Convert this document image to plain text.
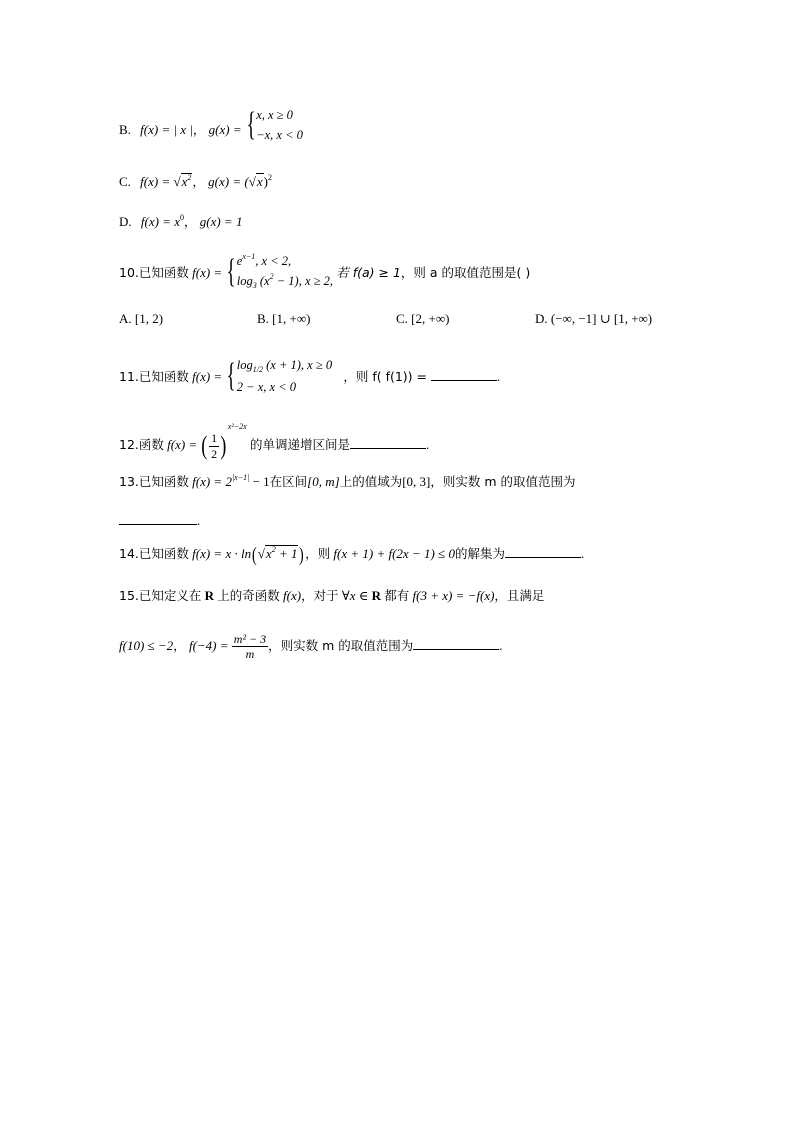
B. f(x) = | x |， g(x) = { x, x ≥ 0
−x, x < 0
C. $f(x) = √x^2$， $g(x) = (√x)^2$
D. $f(x) = x^0$， g(x) = 1
10.已知函数 f(x) = { $e^{x-1}$, x < 2,
$\log_3 (x^2 - 1)$, x ≥ 2,
若 f(a) ≥ 1，则 a 的取值范围是( )
A. [1, 2)	B. [1, +∞)	C. [2, +∞)	D. (−∞, −1] ∪ [1, +∞)
11.已知函数 f(x) = { $\log_{1/2} (x + 1)$, x ≥ 0
2 − x, x < 0
，则 f( f(1)) =	.
12.函数 f(x) = ( $\frac{1}{2} )^{x^2-2x}$ 的单调递增区间是	.
13.已知函数 $f(x) = 2^{|x-1|} - 1$在区间[0, m]上的值域为[0, 3]，则实数 m 的取值范围为
.
14.已知函数 $f(x) = x \cdot \ln(√x^2 + 1$ )，则 f(x + 1) + f(2x − 1) ≤ 0的解集为	.
15.已知定义在 R 上的奇函数 f(x)，对于 ∀x ∈ R 都有 f(3 + x) = −f(x)，且满足
f(10) ≤ −2， $f(-4) = \frac{\text{m² − 3}}{m}$ ，则实数 m 的取值范围为	.
